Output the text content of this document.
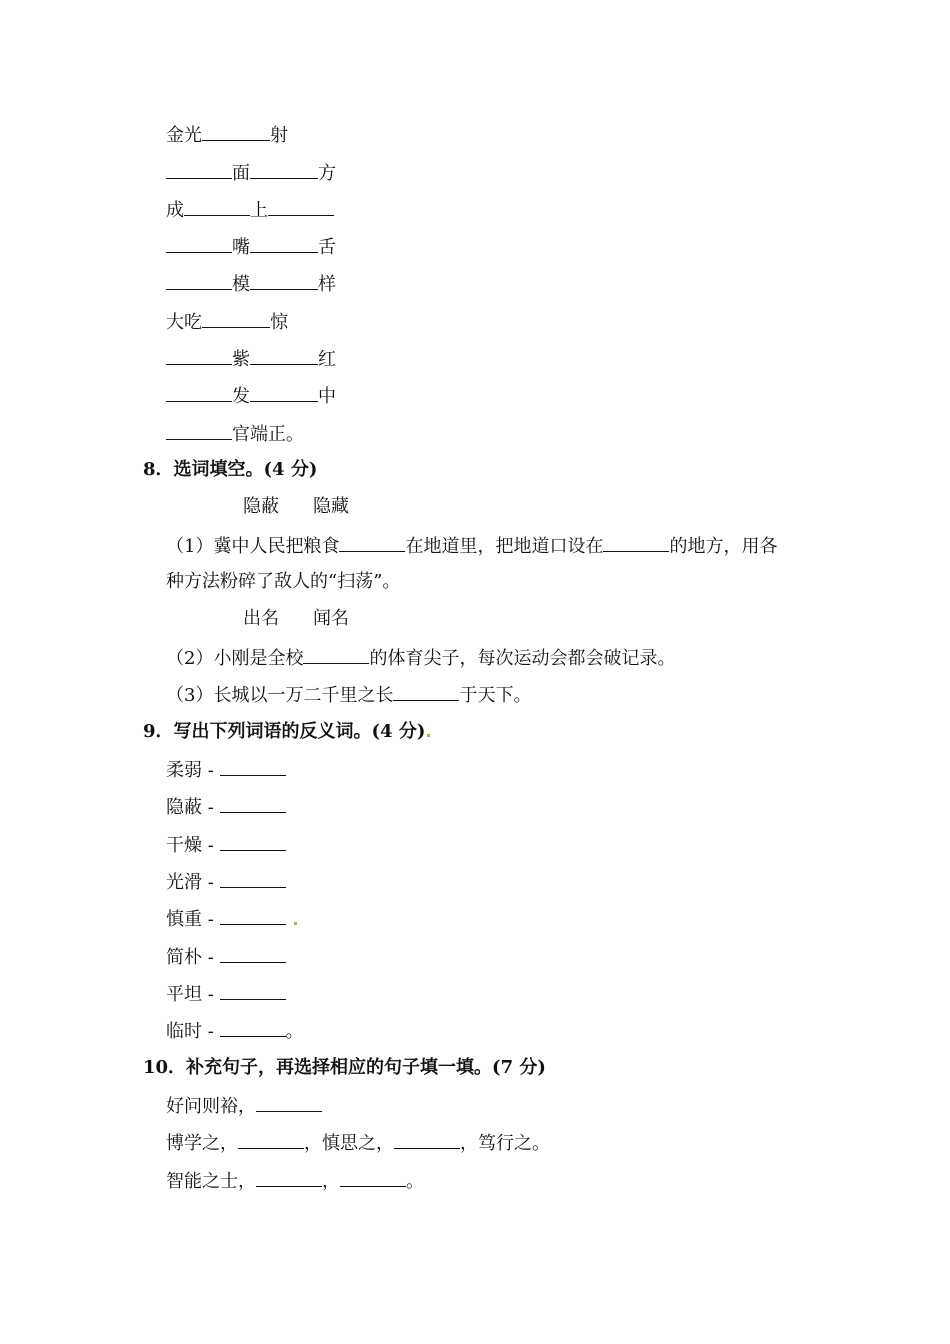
金光	射
面	方
成	上
嘴	舌
模	样
大吃	惊
紫	红
发	中
官端正。
8．选词填空。(4 分)
隐蔽 隐藏
（1）冀中人民把粮食	在地道里，把地道口设在	的地方，用各
种方法粉碎了敌人的“扫荡”。
出名 闻名
（2）小刚是全校	的体育尖子，每次运动会都会破记录。
（3）长城以一万二千里之长	于天下。
9．写出下列词语的反义词。(4 分)
柔弱 -
隐蔽 -
干燥 -
光滑 -
慎重 -
简朴 -
平坦 -
临时 -	。
10．补充句子，再选择相应的句子填一填。(7 分)
好问则裕，
博学之，	，慎思之，	，笃行之。
智能之士，	，	。
